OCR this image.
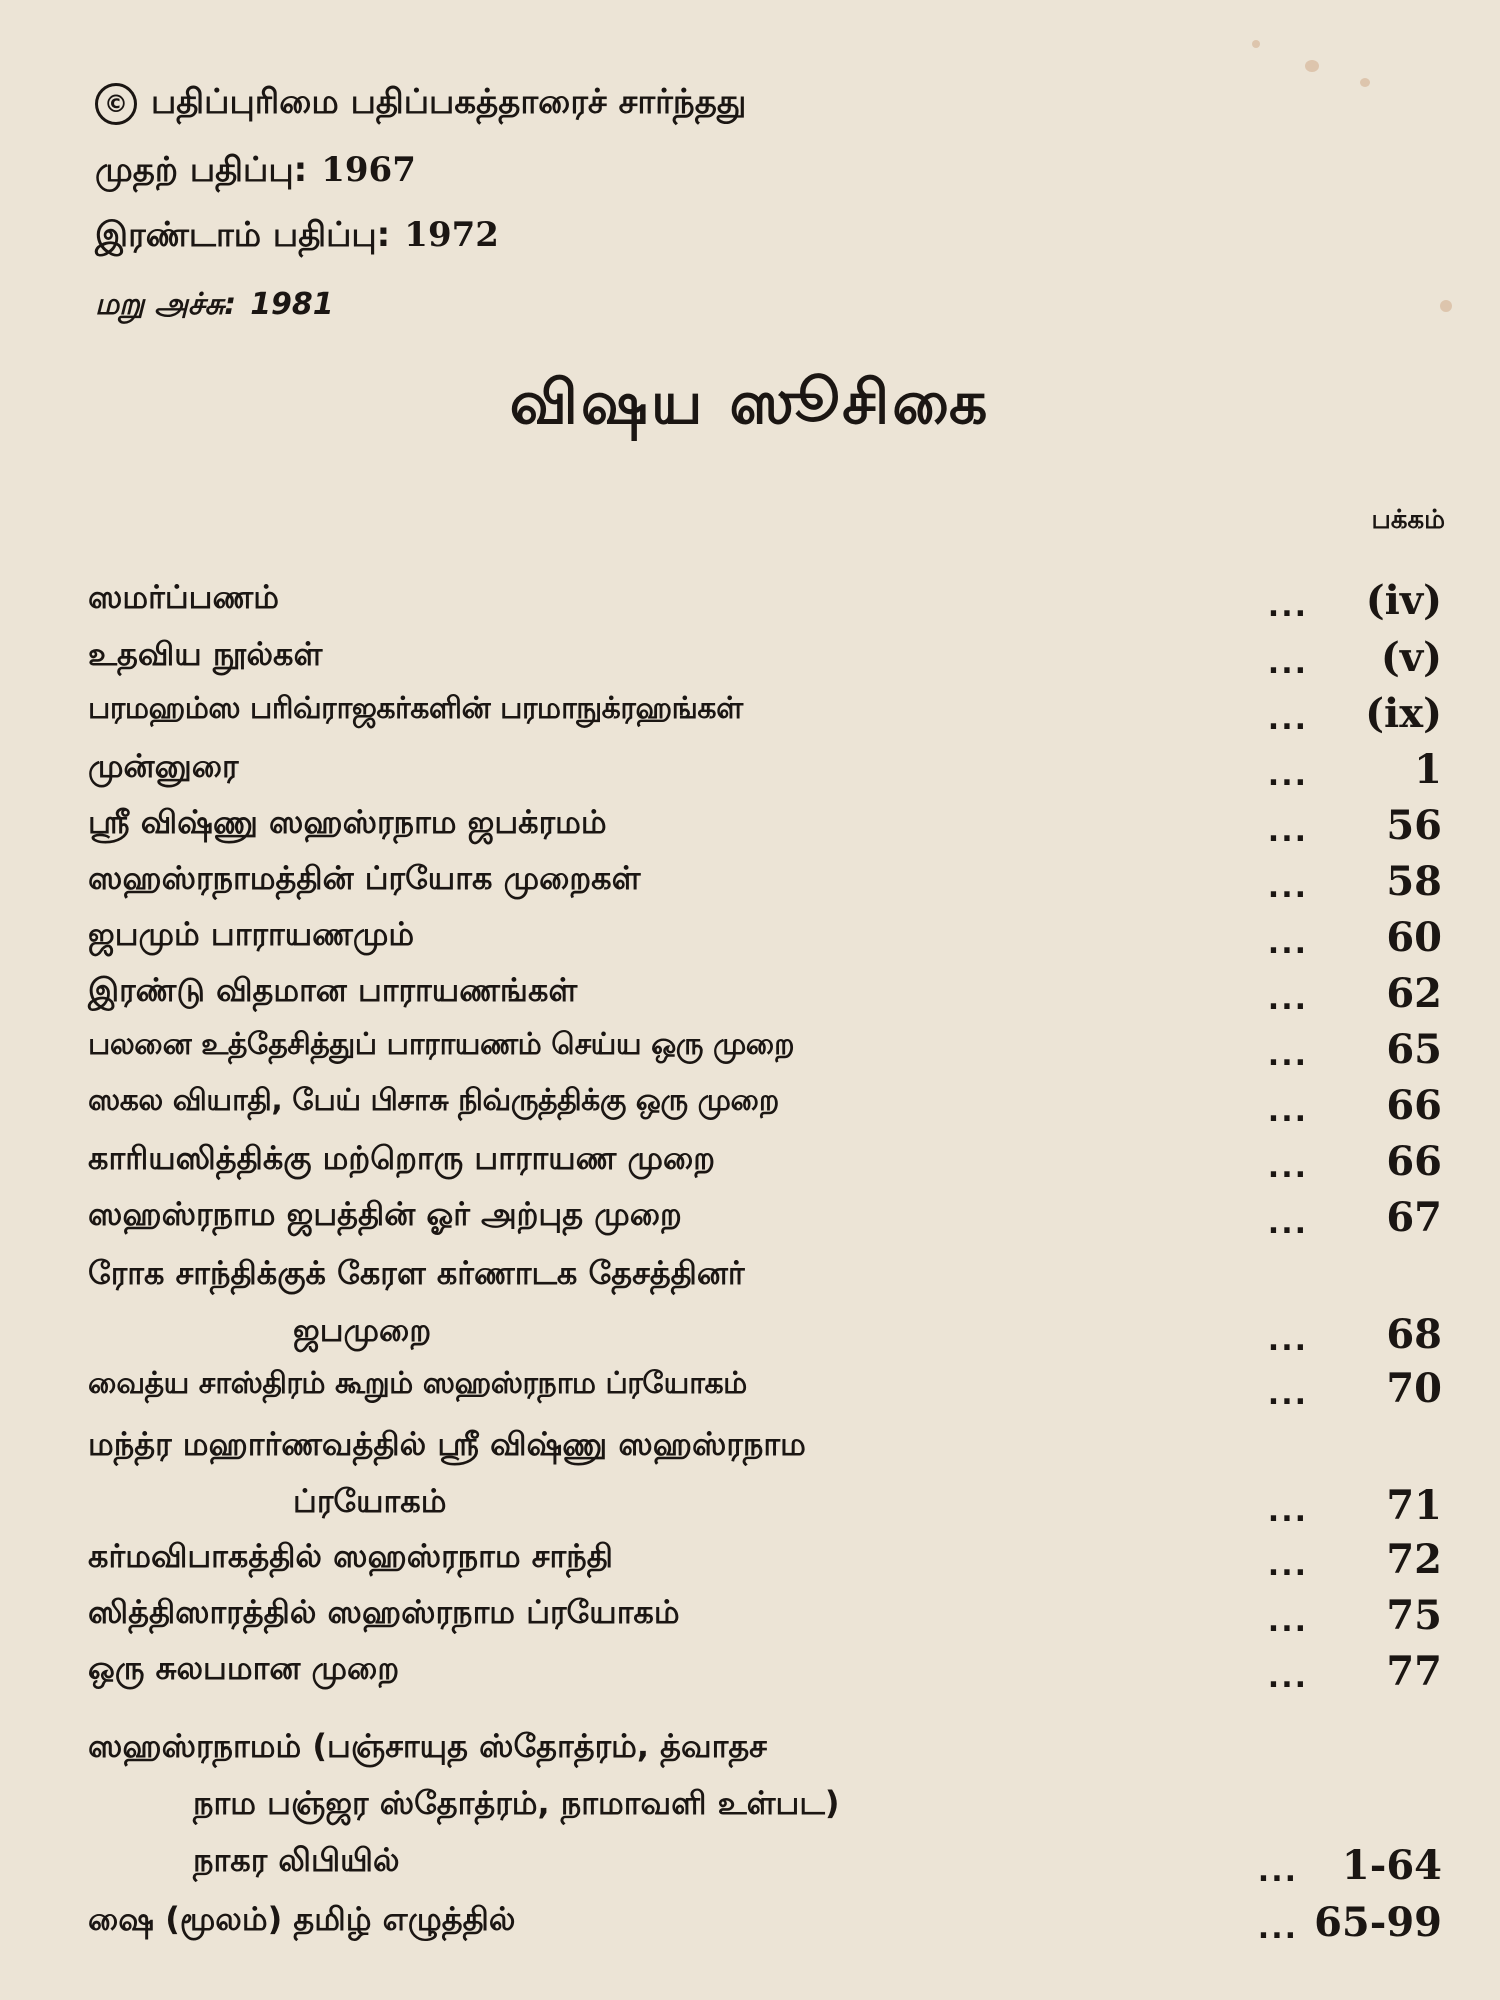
© பதிப்புரிமை பதிப்பகத்தாரைச் சார்ந்தது
முதற் பதிப்பு: 1967
இரண்டாம் பதிப்பு: 1972
மறு அச்சு: 1981
விஷய ஸூசிகை
பக்கம்
ஸமர்ப்பணம்	... (iv)
உதவிய நூல்கள்	... (v)
பரமஹம்ஸ பரிவ்ராஜகர்களின் பரமாநுக்ரஹங்கள்	... (ix)
முன்னுரை	...	1
ஸ்ரீ விஷ்ணு ஸஹஸ்ரநாம ஜபக்ரமம்	... 56
ஸஹஸ்ரநாமத்தின் ப்ரயோக முறைகள்	... 58
ஜபமும் பாராயணமும்	... 60
இரண்டு விதமான பாராயணங்கள்	... 62
பலனை உத்தேசித்துப் பாராயணம் செய்ய ஒரு முறை	... 65
ஸகல வியாதி, பேய் பிசாசு நிவ்ருத்திக்கு ஒரு முறை	... 66
காரியஸித்திக்கு மற்றொரு பாராயண முறை	... 66
ஸஹஸ்ரநாம ஜபத்தின் ஓர் அற்புத முறை	... 67
ரோக சாந்திக்குக் கேரள கர்ணாடக தேசத்தினர்
ஜபமுறை	... 68
வைத்ய சாஸ்திரம் கூறும் ஸஹஸ்ரநாம ப்ரயோகம்	... 70
மந்த்ர மஹார்ணவத்தில் ஸ்ரீ விஷ்ணு ஸஹஸ்ரநாம
ப்ரயோகம்	... 71
கர்மவிபாகத்தில் ஸஹஸ்ரநாம சாந்தி	... 72
ஸித்திஸாரத்தில் ஸஹஸ்ரநாம ப்ரயோகம்	... 75
ஒரு சுலபமான முறை	... 77
ஸஹஸ்ரநாமம் (பஞ்சாயுத ஸ்தோத்ரம், த்வாதச
நாம பஞ்ஜர ஸ்தோத்ரம், நாமாவளி உள்பட)
நாகர லிபியில்	... 1-64
ஷை (மூலம்) தமிழ் எழுத்தில்	... 65-99
